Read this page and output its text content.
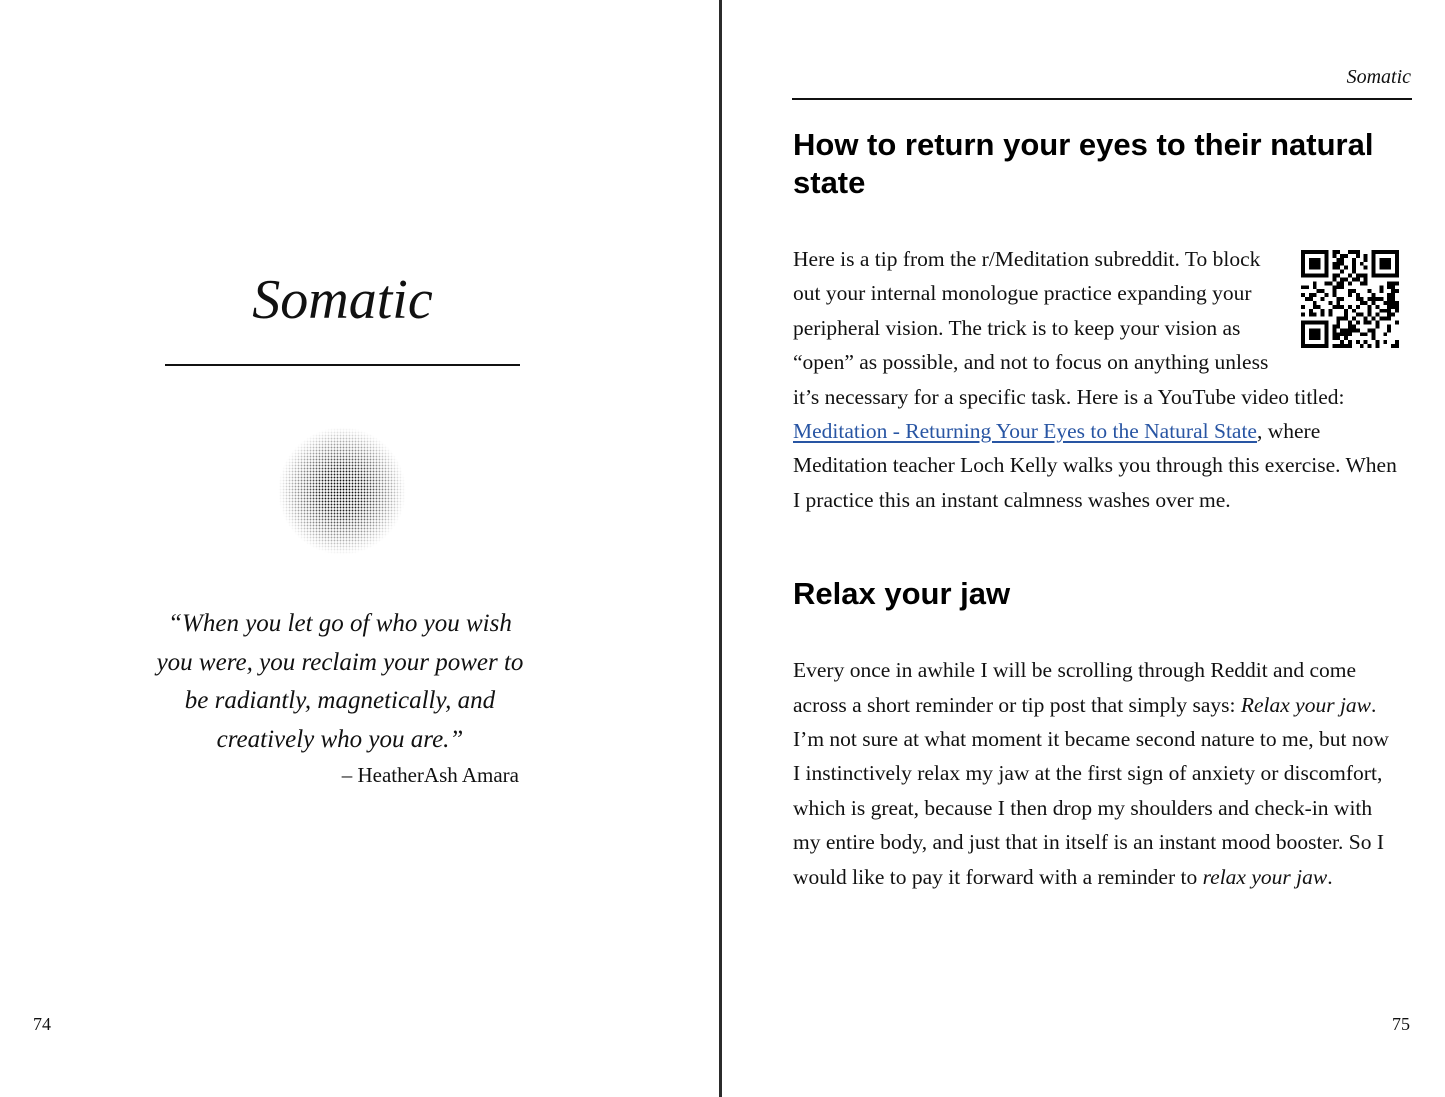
Somatic
“When you let go of who you wish you were, you reclaim your power to be radiantly, magnetically, and creatively who you are.”
– HeatherAsh Amara
74
Somatic
How to return your eyes to their natural state

Here is a tip from the r/Meditation subreddit. To block out your internal monologue practice expanding your peripheral vision. The trick is to keep your vision as “open” as possible, and not to focus on anything unless it’s necessary for a specific task. Here is a YouTube video titled: Meditation - Returning Your Eyes to the Natural State, where Meditation teacher Loch Kelly walks you through this exercise. When I practice this an instant calmness washes over me.

Relax your jaw

Every once in awhile I will be scrolling through Reddit and come across a short reminder or tip post that simply says: Relax your jaw. I’m not sure at what moment it became second nature to me, but now I instinctively relax my jaw at the first sign of anxiety or discomfort, which is great, because I then drop my shoulders and check-in with my entire body, and just that in itself is an instant mood booster. So I would like to pay it forward with a reminder to relax your jaw.

75
